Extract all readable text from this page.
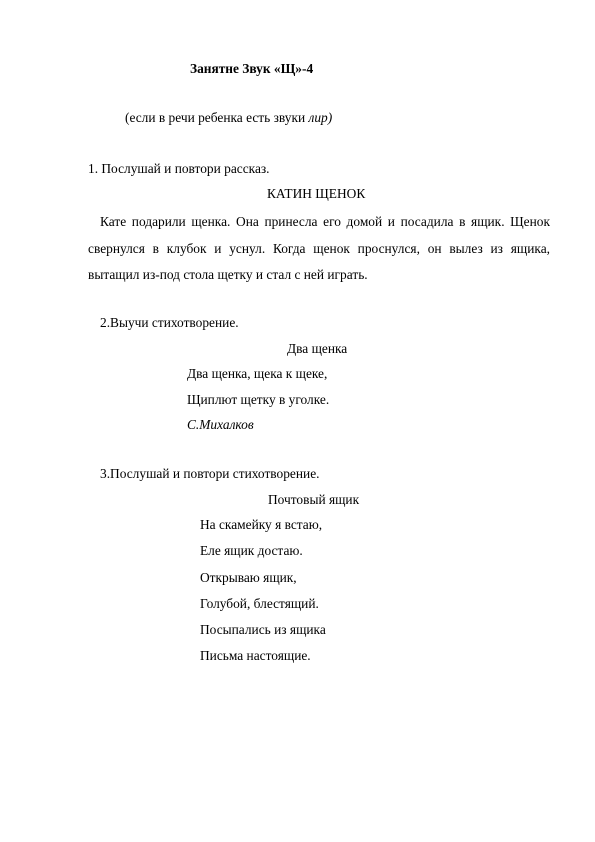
Занятне Звук «Щ»-4
(если в речи ребенка есть звуки лир)
1. Послушай и повтори рассказ.
КАТИН ЩЕНОК
Кате подарили щенка. Она принесла его домой и посадила в ящик. Щенок свернулся в клубок и уснул. Когда щенок проснулся, он вылез из ящика, вытащил из-под стола щетку и стал с ней играть.
2.Выучи стихотворение.
Два щенка
Два щенка, щека к щеке,
Щиплют щетку в уголке.
С.Михалков
3.Послушай и повтори стихотворение.
Почтовый ящик
На скамейку я встаю,
Еле ящик достаю.
Открываю ящик,
Голубой, блестящий.
Посыпались из ящика
Письма настоящие.
